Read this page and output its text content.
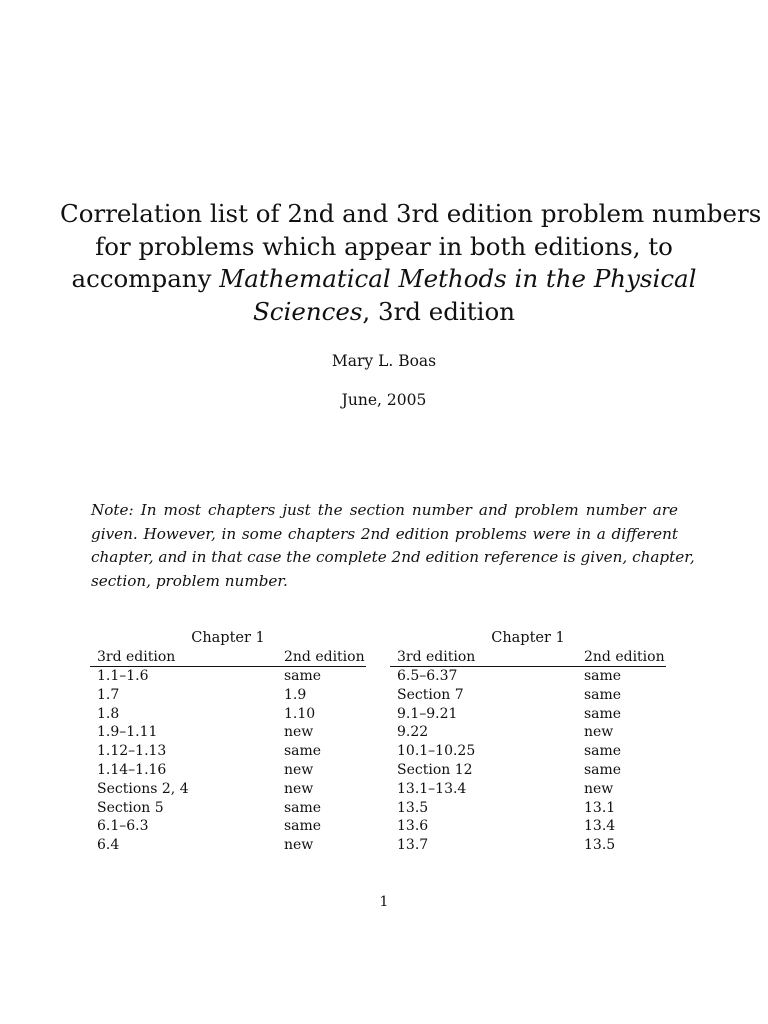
Correlation list of 2nd and 3rd edition problem numbers
for problems which appear in both editions, to
accompany Mathematical Methods in the Physical
Sciences, 3rd edition
Mary L. Boas
June, 2005

Note: In most chapters just the section number and problem number are
given. However, in some chapters 2nd edition problems were in a different
chapter, and in that case the complete 2nd edition reference is given, chapter,
section, problem number.

Chapter 1
3rd edition	2nd edition
1.1–1.6	same
1.7	1.9
1.8	1.10
1.9–1.11	new
1.12–1.13	same
1.14–1.16	new
Sections 2, 4	new
Section 5	same
6.1–6.3	same
6.4	new
Chapter 1
3rd edition	2nd edition
6.5–6.37	same
Section 7	same
9.1–9.21	same
9.22	new
10.1–10.25	same
Section 12	same
13.1–13.4	new
13.5	13.1
13.6	13.4
13.7	13.5
1
